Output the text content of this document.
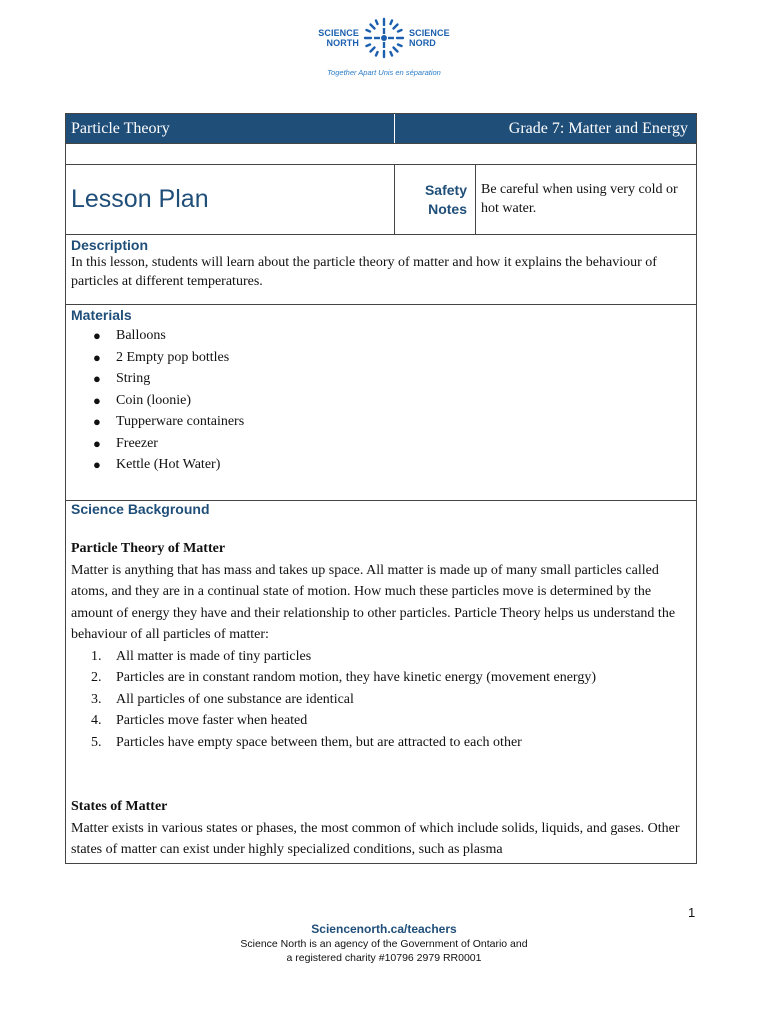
SCIENCE
NORTH
SCIENCE
NORD
Together Apart Unis en séparation
Particle Theory	Grade 7: Matter and Energy
Lesson Plan	Safety
Notes
Be careful when using very cold or hot water.
Description
In this lesson, students will learn about the particle theory of matter and how it explains the behaviour of particles at different temperatures.
Materials
● Balloons
● 2 Empty pop bottles
● String
● Coin (loonie)
● Tupperware containers
● Freezer
● Kettle (Hot Water)
Science Background
Particle Theory of Matter
Matter is anything that has mass and takes up space. All matter is made up of many small particles called atoms, and they are in a continual state of motion. How much these particles move is determined by the amount of energy they have and their relationship to other particles. Particle Theory helps us understand the behaviour of all particles of matter:
1. All matter is made of tiny particles
2. Particles are in constant random motion, they have kinetic energy (movement energy)
3. All particles of one substance are identical
4. Particles move faster when heated
5. Particles have empty space between them, but are attracted to each other
States of Matter
Matter exists in various states or phases, the most common of which include solids, liquids, and gases. Other states of matter can exist under highly specialized conditions, such as plasma
1
Sciencenorth.ca/teachers
Science North is an agency of the Government of Ontario and
a registered charity #10796 2979 RR0001
